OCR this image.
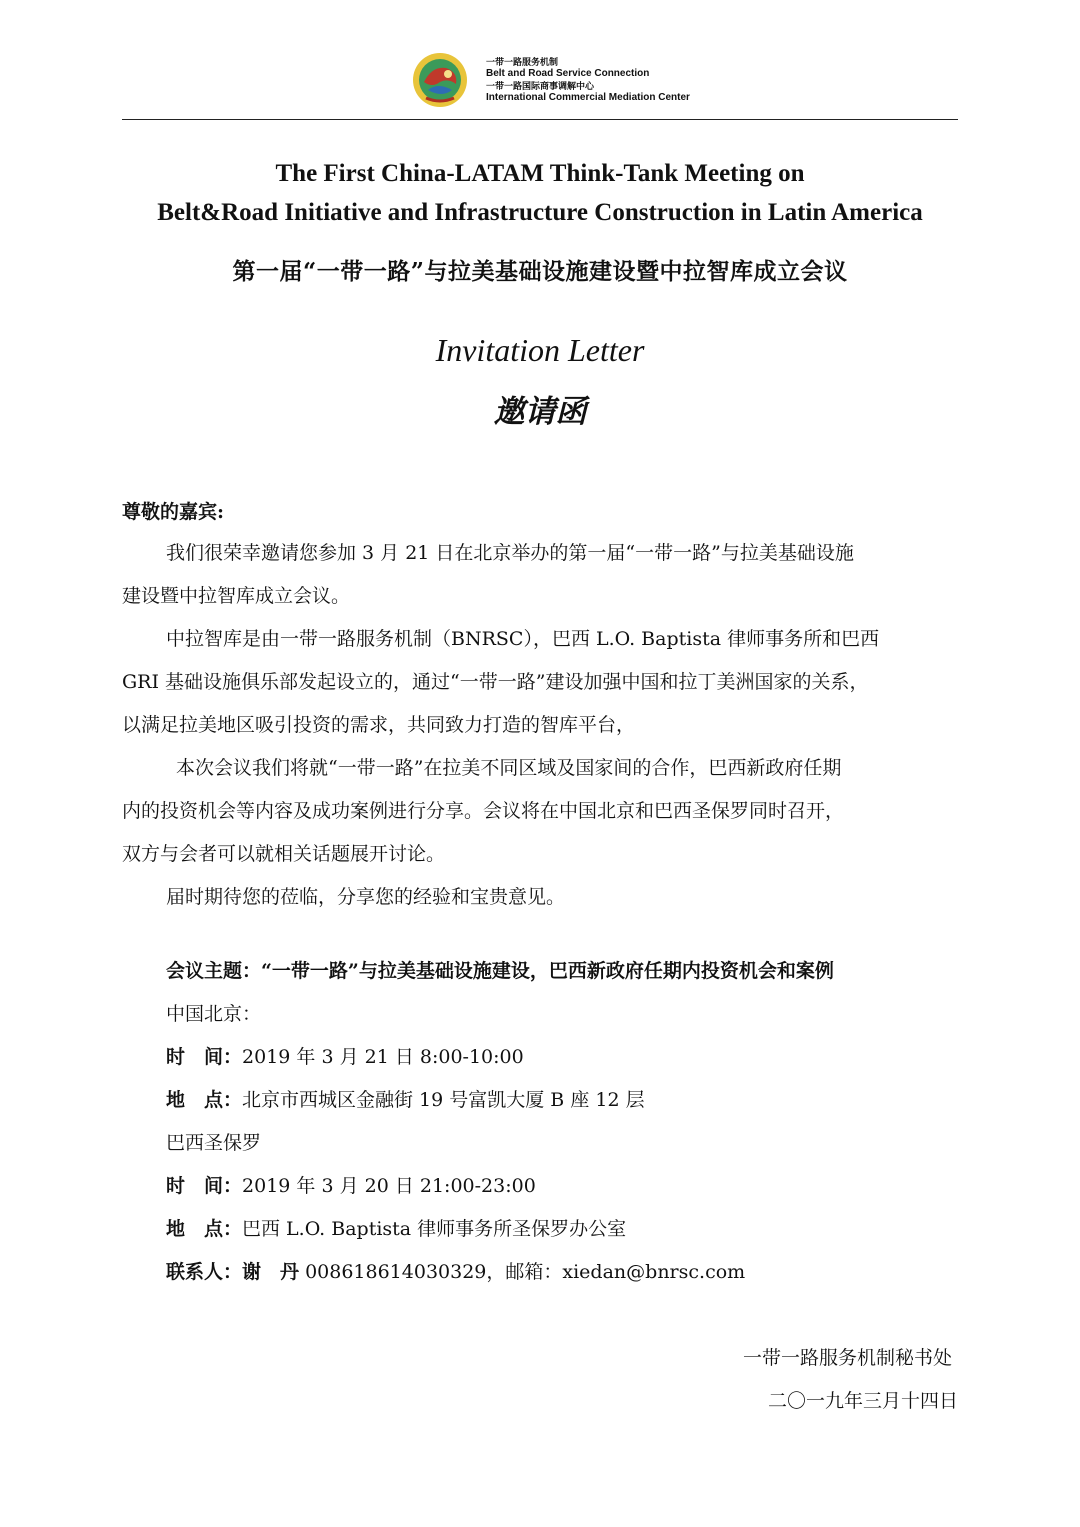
一带一路服务机制
Belt and Road Service Connection
一带一路国际商事调解中心
International Commercial Mediation Center
The First China-LATAM Think-Tank Meeting on
Belt&Road Initiative and Infrastructure Construction in Latin America
第一届“一带一路”与拉美基础设施建设暨中拉智库成立会议
Invitation Letter
邀请函
尊敬的嘉宾:
我们很荣幸邀请您参加 3 月 21 日在北京举办的第一届“一带一路”与拉美基础设施
建设暨中拉智库成立会议。
中拉智库是由一带一路服务机制（BNRSC），巴西 L.O. Baptista 律师事务所和巴西
GRI 基础设施俱乐部发起设立的，通过“一带一路”建设加强中国和拉丁美洲国家的关系，
以满足拉美地区吸引投资的需求，共同致力打造的智库平台，
本次会议我们将就“一带一路”在拉美不同区域及国家间的合作，巴西新政府任期
内的投资机会等内容及成功案例进行分享。会议将在中国北京和巴西圣保罗同时召开，
双方与会者可以就相关话题展开讨论。
届时期待您的莅临，分享您的经验和宝贵意见。
会议主题：“一带一路”与拉美基础设施建设，巴西新政府任期内投资机会和案例
中国北京：
时　间：2019 年 3 月 21 日 8:00-10:00
地　点：北京市西城区金融街 19 号富凯大厦 B 座 12 层
巴西圣保罗
时　间：2019 年 3 月 20 日 21:00-23:00
地　点：巴西 L.O. Baptista 律师事务所圣保罗办公室
联系人：谢　丹 008618614030329，邮箱：xiedan@bnrsc.com
一带一路服务机制秘书处
二〇一九年三月十四日
